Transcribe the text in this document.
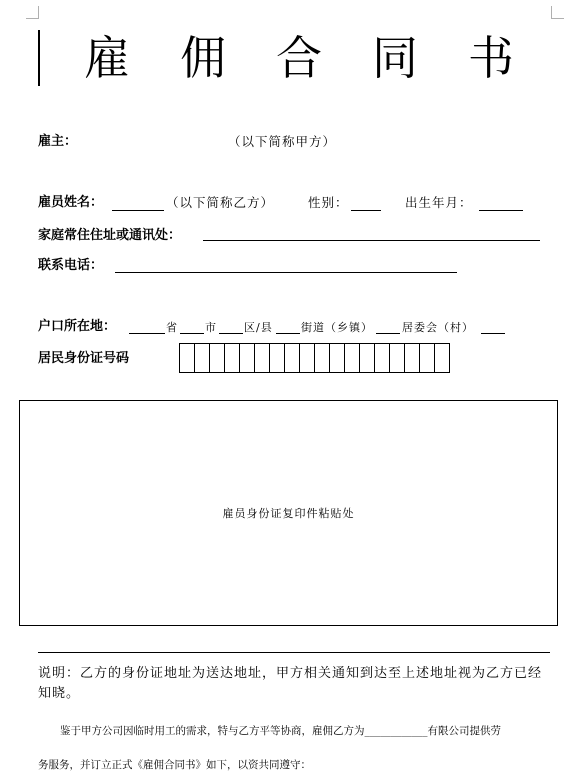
雇佣合同书
雇主：	（以下简称甲方）
雇员姓名：	（以下简称乙方）	性别：	出生年月：
家庭常住住址或通讯处：
联系电话：
户口所在地：	省 市 区/县	街道（乡镇）	居委会（村）
居民身份证号码
雇员身份证复印件粘贴处
说明：乙方的身份证地址为送达地址，甲方相关通知到达至上述地址视为乙方已经知晓。
鉴于甲方公司因临时用工的需求，特与乙方平等协商，雇佣乙方为____________有限公司提供劳
务服务，并订立正式《雇佣合同书》如下，以资共同遵守：
